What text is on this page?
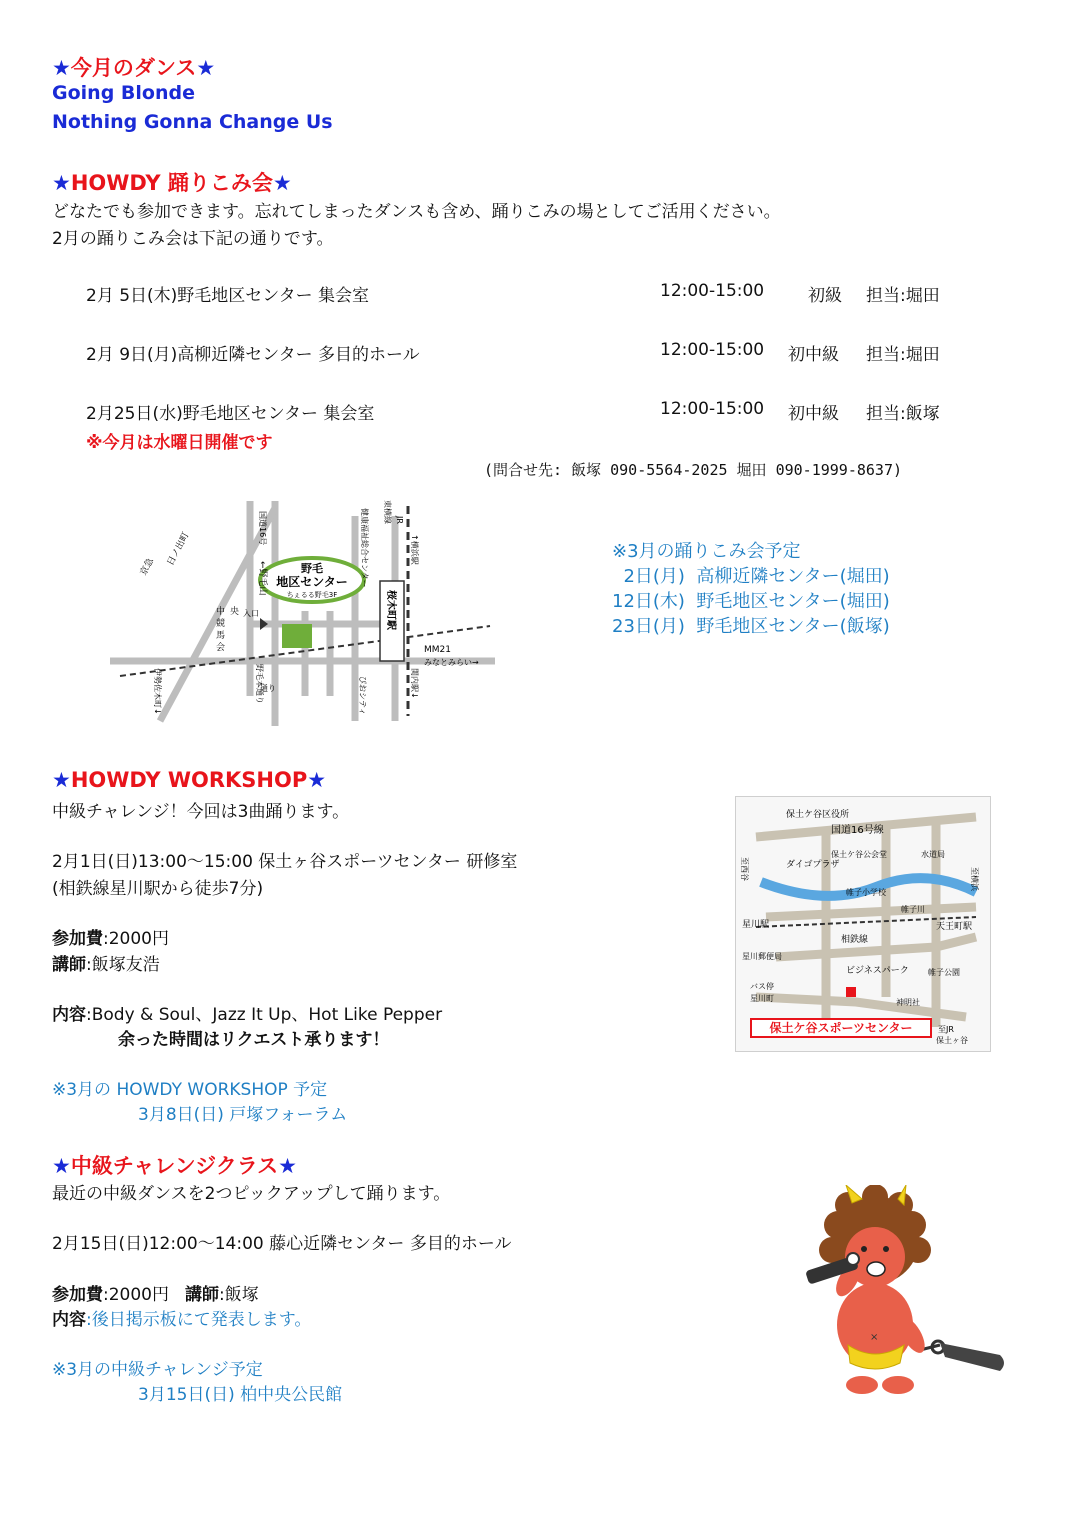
★今月のダンス★
Going Blonde
Nothing Gonna Change Us
★HOWDY 踊りこみ会★
どなたでも参加できます。忘れてしまったダンスも含め、踊りこみの場としてご活用ください。
2月の踊りこみ会は下記の通りです。
2月 5日(木)野毛地区センター 集会室	12:00-15:00	初級 担当:堀田
2月 9日(月)高柳近隣センター 多目的ホール	12:00-15:00 初中級 担当:堀田
2月25日(水)野毛地区センター 集会室	12:00-15:00 初中級 担当:飯塚
※今月は水曜日開催です
(問合せ先: 飯塚 090-5564-2025 堀田 090-1999-8637)
野毛
地区センター
ちぇるる野毛3F
京急 日ノ出町
←野毛山
国道16号
中 央
競
馬
会
入口
健康福祉総合センター 東横線 JR
↑横浜駅
桜木町駅
MM21
みなとみらい→
伊勢佐木町↓	野毛本通り	ぴおシティ	関内駅↓
通り
※3月の踊りこみ会予定
2日(月)  高柳近隣センター(堀田)
12日(木)  野毛地区センター(堀田)
23日(月)  野毛地区センター(飯塚)
★HOWDY WORKSHOP★
中級チャレンジ！今回は3曲踊ります。
2月1日(日)13:00〜15:00 保土ヶ谷スポーツセンター 研修室
(相鉄線星川駅から徒歩7分)
参加費:2000円
講師:飯塚友浩
内容:Body & Soul、Jazz It Up、Hot Like Pepper
余った時間はリクエスト承ります！
※3月の HOWDY WORKSHOP 予定
3月8日(日) 戸塚フォーラム
保土ケ谷スポーツセンター
保土ケ谷区役所
国道16号線
ダイゴプラザ
保土ケ谷公会堂	水道局
帷子小学校
帷子川
相鉄線
星川駅	天王町駅
星川郵便局
ビジネスパーク
バス停
星川町	神明社
帷子公園
至横浜
至JR
保土ヶ谷
至西谷
★中級チャレンジクラス★
最近の中級ダンスを2つピックアップして踊ります。
2月15日(日)12:00〜14:00 藤心近隣センター 多目的ホール
参加費:2000円 講師:飯塚
内容:後日掲示板にて発表します。
※3月の中級チャレンジ予定
3月15日(日) 柏中央公民館
×
